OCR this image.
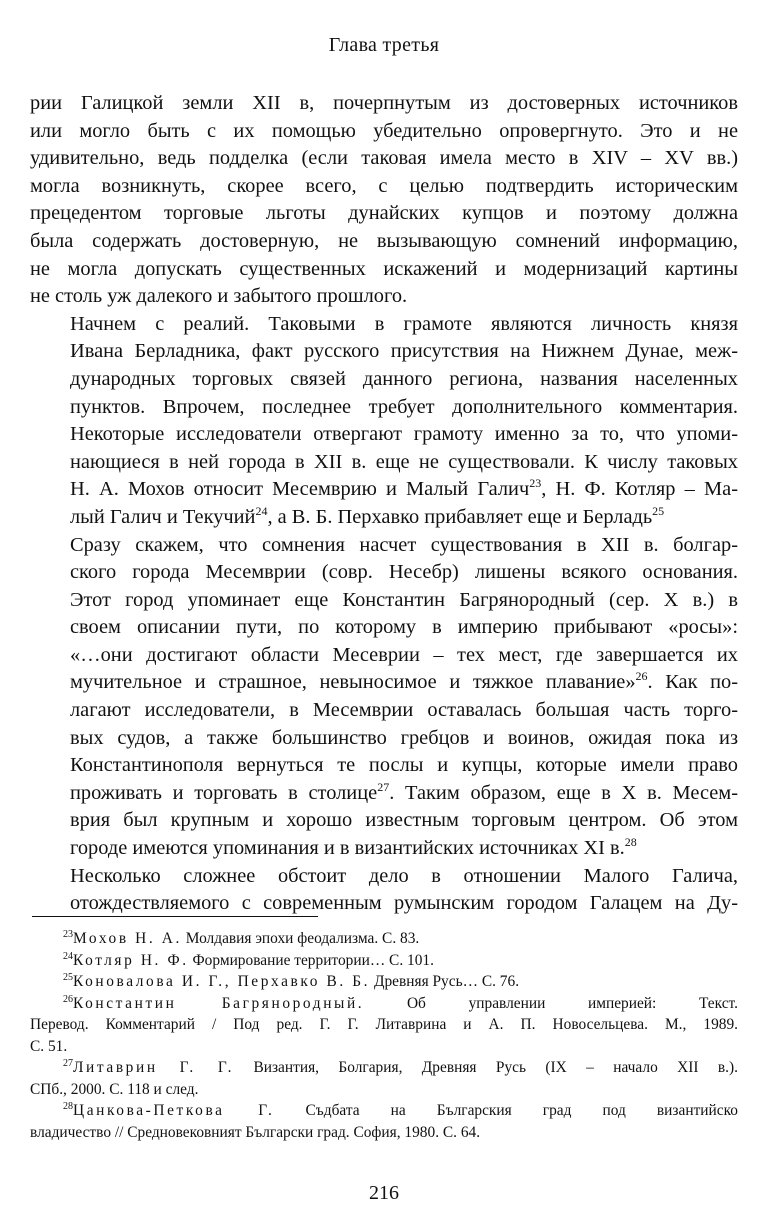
Глава третья

рии Галицкой земли XII в, почерпнутым из достоверных источников
или могло быть с их помощью убедительно опровергнуто. Это и не
удивительно, ведь подделка (если таковая имела место в XIV – XV вв.)
могла возникнуть, скорее всего, с целью подтвердить историческим
прецедентом торговые льготы дунайских купцов и поэтому должна
была содержать достоверную, не вызывающую сомнений информацию,
не могла допускать существенных искажений и модернизаций картины
не столь уж далекого и забытого прошлого.

Начнем с реалий. Таковыми в грамоте являются личность князя
Ивана Берладника, факт русского присутствия на Нижнем Дунае, меж-
дународных торговых связей данного региона, названия населенных
пунктов. Впрочем, последнее требует дополнительного комментария.
Некоторые исследователи отвергают грамоту именно за то, что упоми-
нающиеся в ней города в XII в. еще не существовали. К числу таковых
Н. А. Мохов относит Месемврию и Малый Галич$^{23}$, Н. Ф. Котляр – Ма-
лый Галич и Текучий$^{24}$, а В. Б. Перхавко прибавляет еще и Берладь$^{25}$

Сразу скажем, что сомнения насчет существования в XII в. болгар-
ского города Месемврии (совр. Несебр) лишены всякого основания.
Этот город упоминает еще Константин Багрянородный (сер. X в.) в
своем описании пути, по которому в империю прибывают «росы»:
«…они достигают области Месеврии – тех мест, где завершается их
мучительное и страшное, невыносимое и тяжкое плавание»$^{26}$. Как по-
лагают исследователи, в Месемврии оставалась большая часть торго-
вых судов, а также большинство гребцов и воинов, ожидая пока из
Константинополя вернуться те послы и купцы, которые имели право
проживать и торговать в столице$^{27}$. Таким образом, еще в X в. Месем-
врия был крупным и хорошо известным торговым центром. Об этом
городе имеются упоминания и в византийских источниках XI в.$^{28}$

Несколько сложнее обстоит дело в отношении Малого Галича,
отождествляемого с современным румынским городом Галацем на Ду-

$^{23}$Мохов Н. А. Молдавия эпохи феодализма. С. 83.
$^{24}$Котляр Н. Ф. Формирование территории… С. 101.
$^{25}$Коновалова И. Г., Перхавко В. Б. Древняя Русь… С. 76.
$^{26}$Константин Багрянородный.	Об управлении империей: Текст.
Перевод. Комментарий / Под ред. Г. Г. Литаврина и А. П. Новосельцева. М., 1989.
С. 51.
$^{27}$Литаврин Г. Г. Византия, Болгария, Древняя Русь (IX – начало XII в.).
СПб., 2000. С. 118 и след.
$^{28}$Цанкова-Петкова Г. Съдбата на Българския град под византийско
владичество // Средновековният Български град. София, 1980. С. 64.
216
